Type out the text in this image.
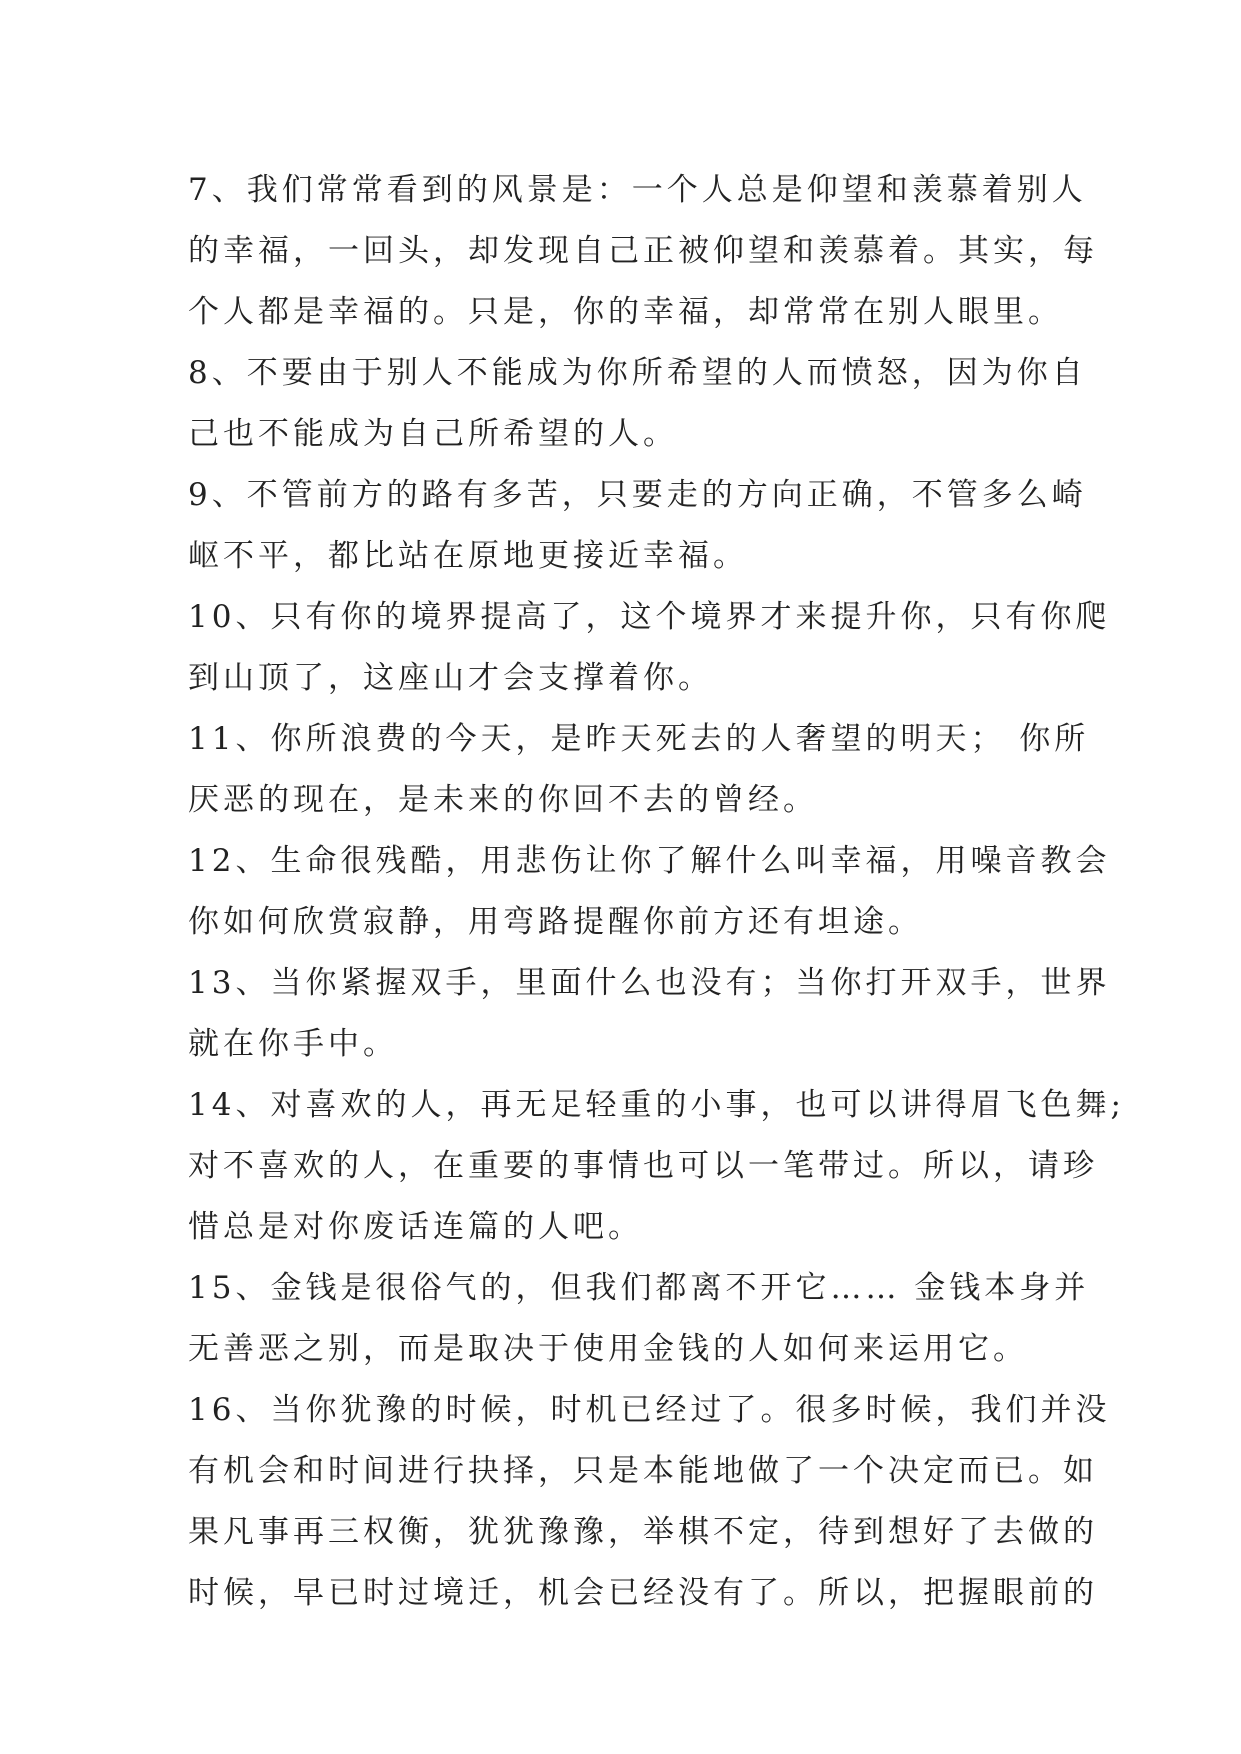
7、我们常常看到的风景是：一个人总是仰望和羡慕着别人
的幸福，一回头，却发现自己正被仰望和羡慕着。其实，每
个人都是幸福的。只是，你的幸福，却常常在别人眼里。
8、不要由于别人不能成为你所希望的人而愤怒，因为你自
己也不能成为自己所希望的人。
9、不管前方的路有多苦，只要走的方向正确，不管多么崎
岖不平，都比站在原地更接近幸福。
10、只有你的境界提高了，这个境界才来提升你，只有你爬
到山顶了，这座山才会支撑着你。
11、你所浪费的今天，是昨天死去的人奢望的明天； 你所
厌恶的现在，是未来的你回不去的曾经。
12、生命很残酷，用悲伤让你了解什么叫幸福，用噪音教会
你如何欣赏寂静，用弯路提醒你前方还有坦途。
13、当你紧握双手，里面什么也没有；当你打开双手，世界
就在你手中。
14、对喜欢的人，再无足轻重的小事，也可以讲得眉飞色舞;
对不喜欢的人，在重要的事情也可以一笔带过。所以，请珍
惜总是对你废话连篇的人吧。
15、金钱是很俗气的，但我们都离不开它…… 金钱本身并
无善恶之别，而是取决于使用金钱的人如何来运用它。
16、当你犹豫的时候，时机已经过了。很多时候，我们并没
有机会和时间进行抉择，只是本能地做了一个决定而已。如
果凡事再三权衡，犹犹豫豫，举棋不定，待到想好了去做的
时候，早已时过境迁，机会已经没有了。所以，把握眼前的
